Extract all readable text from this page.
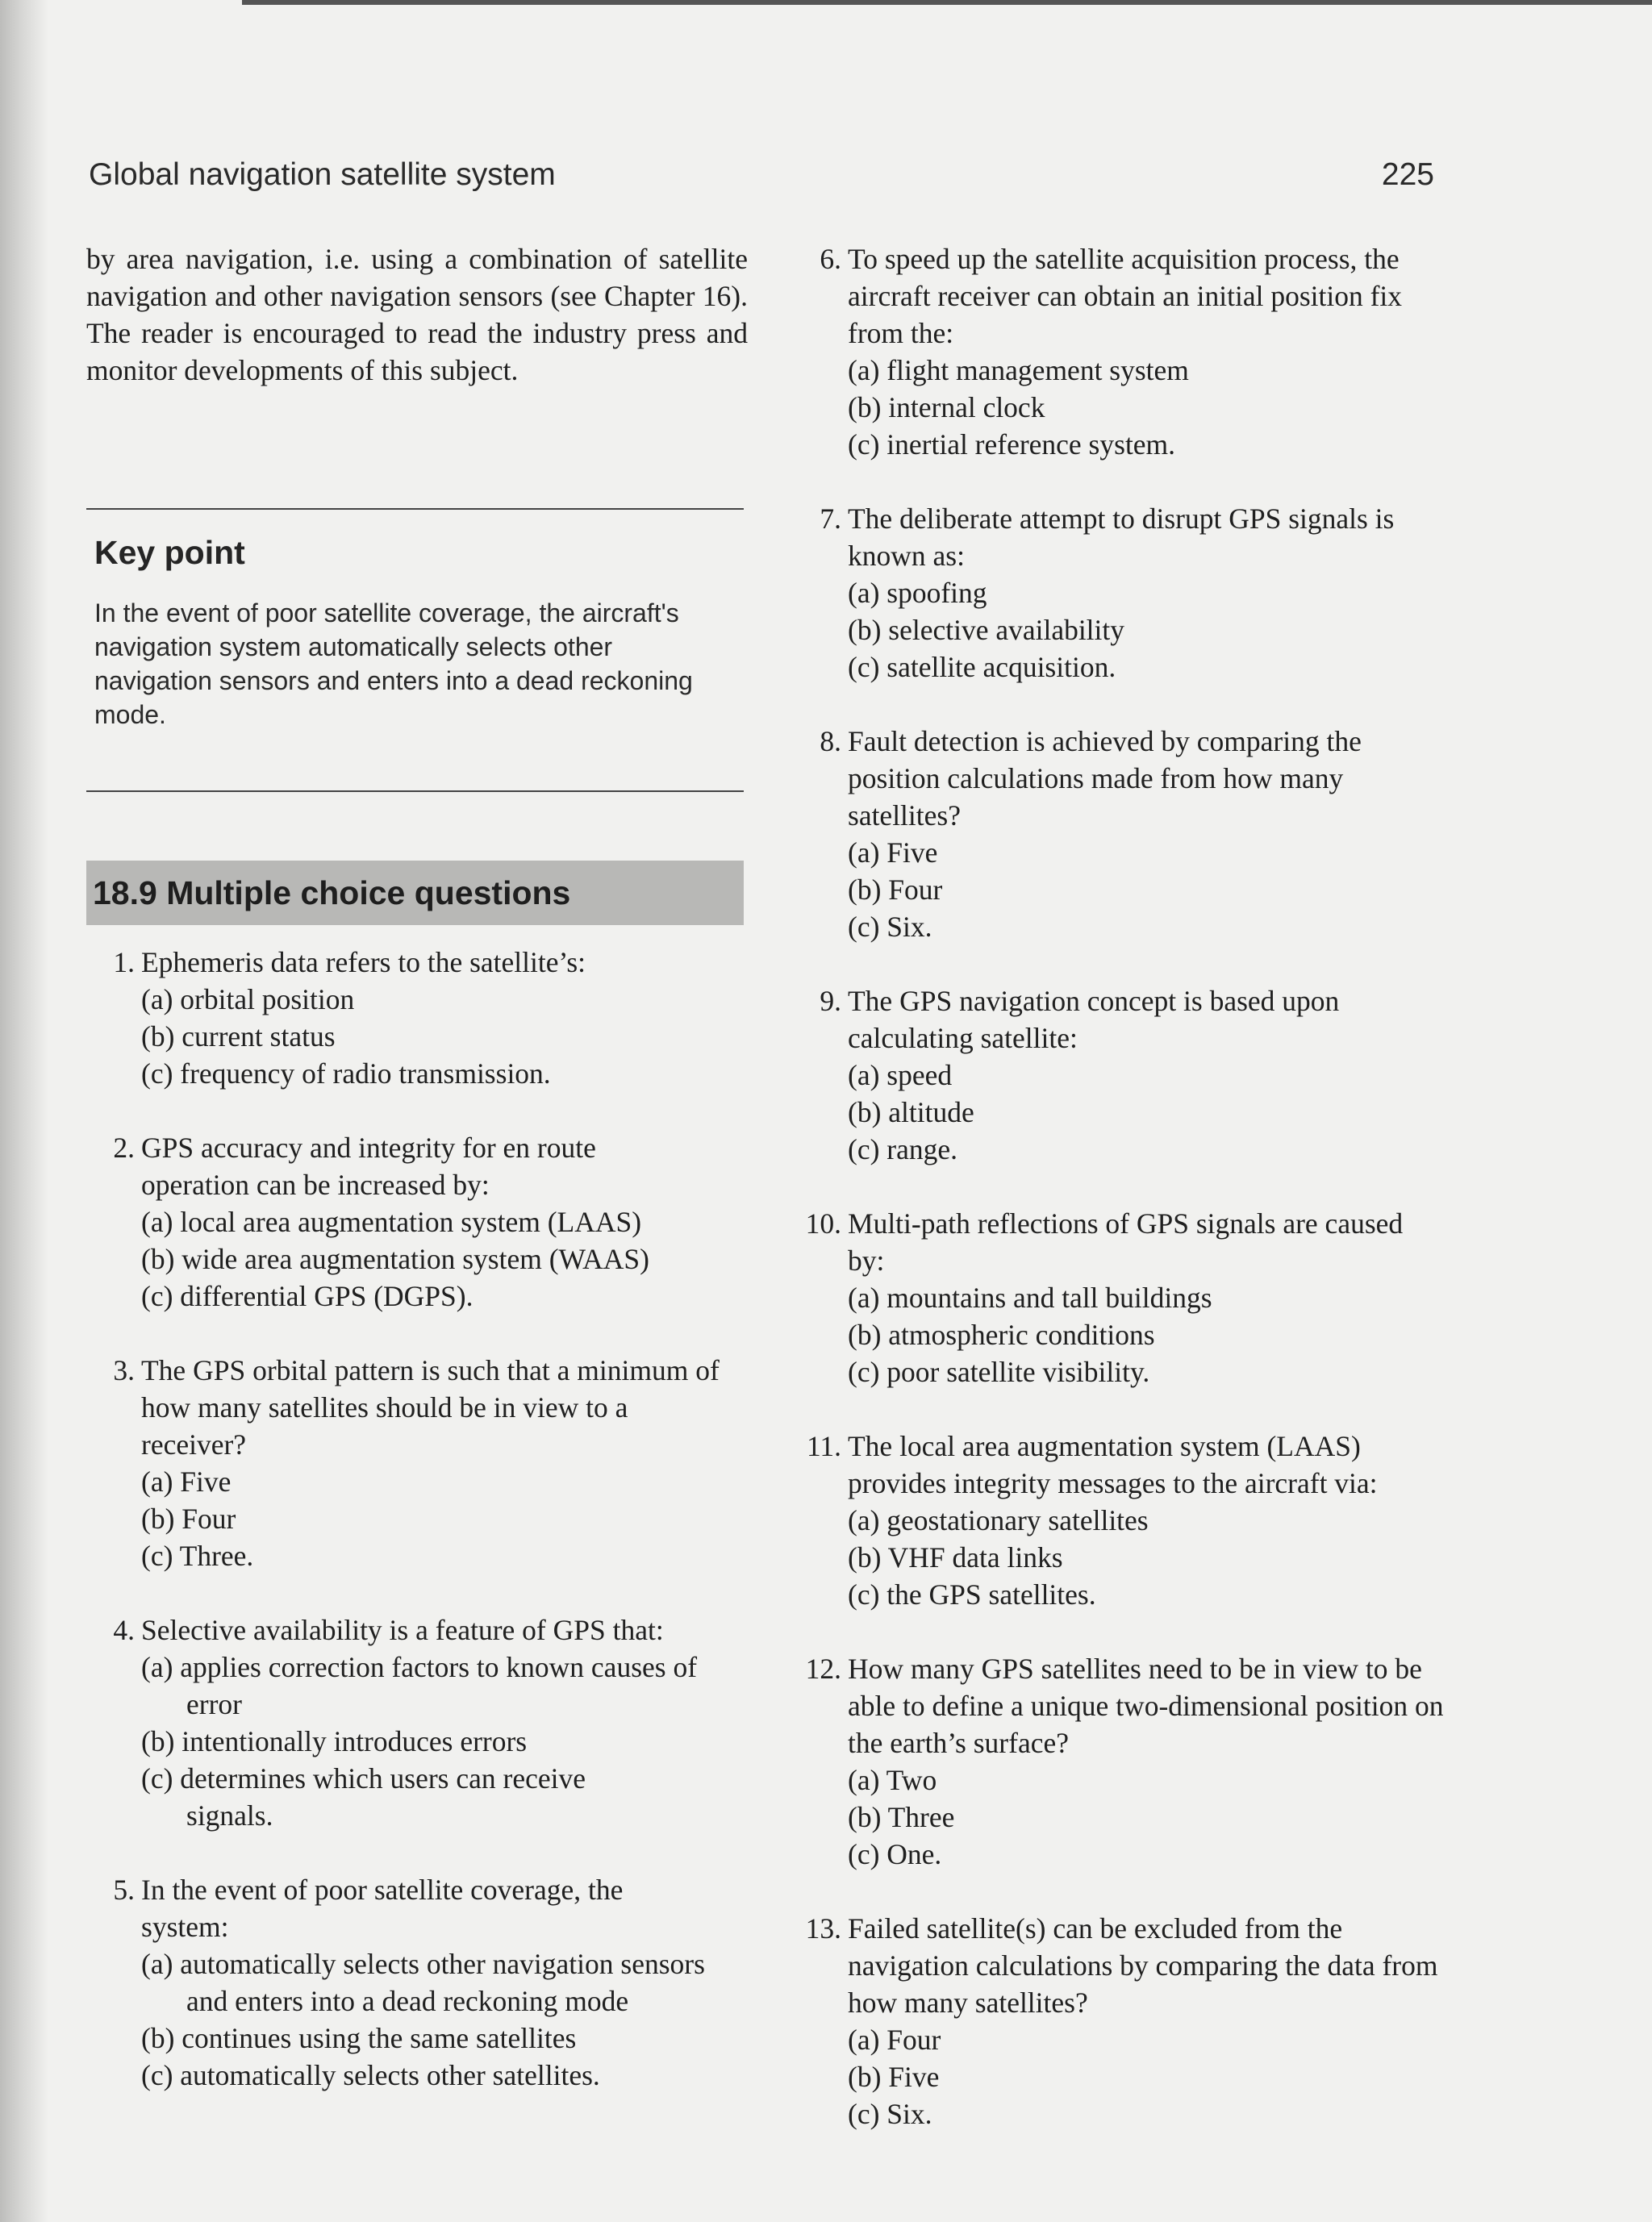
Global navigation satellite system	225

by area navigation, i.e. using a combination of satellite navigation and other navigation sensors (see Chapter 16). The reader is encouraged to read the industry press and monitor developments of this subject.

Key point

In the event of poor satellite coverage, the aircraft's navigation system automatically selects other navigation sensors and enters into a dead reckoning mode.

18.9 Multiple choice questions
1. Ephemeris data refers to the satellite’s:
(a) orbital position
(b) current status
(c) frequency of radio transmission.
2. GPS accuracy and integrity for en route operation can be increased by:
(a) local area augmentation system (LAAS)
(b) wide area augmentation system (WAAS)
(c) differential GPS (DGPS).
3. The GPS orbital pattern is such that a minimum of how many satellites should be in view to a receiver?
(a) Five
(b) Four
(c) Three.
4. Selective availability is a feature of GPS that:
(a) applies correction factors to known causes of error
(b) intentionally introduces errors
(c) determines which users can receive signals.
5. In the event of poor satellite coverage, the system:
(a) automatically selects other navigation sensors and enters into a dead reckoning mode
(b) continues using the same satellites
(c) automatically selects other satellites.
6. To speed up the satellite acquisition process, the aircraft receiver can obtain an initial position fix from the:
(a) flight management system
(b) internal clock
(c) inertial reference system.
7. The deliberate attempt to disrupt GPS signals is known as:
(a) spoofing
(b) selective availability
(c) satellite acquisition.
8. Fault detection is achieved by comparing the position calculations made from how many satellites?
(a) Five
(b) Four
(c) Six.
9. The GPS navigation concept is based upon calculating satellite:
(a) speed
(b) altitude
(c) range.
10. Multi-path reflections of GPS signals are caused by:
(a) mountains and tall buildings
(b) atmospheric conditions
(c) poor satellite visibility.
11. The local area augmentation system (LAAS) provides integrity messages to the aircraft via:
(a) geostationary satellites
(b) VHF data links
(c) the GPS satellites.
12. How many GPS satellites need to be in view to be able to define a unique two-dimensional position on the earth’s surface?
(a) Two
(b) Three
(c) One.
13. Failed satellite(s) can be excluded from the navigation calculations by comparing the data from how many satellites?
(a) Four
(b) Five
(c) Six.
